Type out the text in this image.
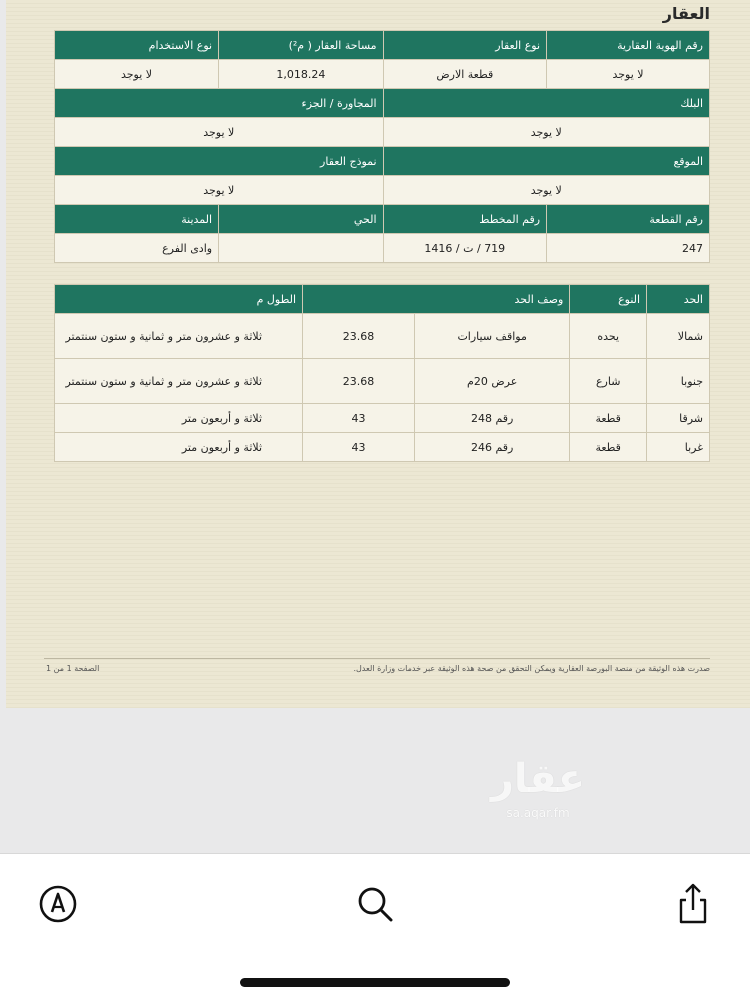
العقار
رقم الهوية العقارية	نوع العقار	مساحة العقار ( م²)	نوع الاستخدام
لا يوجد	قطعة الارض	1,018.24	لا يوجد
البلك		المجاورة / الجزء	
لا يوجد		لا يوجد	
الموقع		نموذج العقار	
لا يوجد		لا يوجد	
رقم القطعة	رقم المخطط	الحي	المدينة
247	719 / ت / 1416		وادى الفرع
الحد	النوع	وصف الحد		الطول م
شمالا	يحده	مواقف سيارات	23.68	ثلاثة و عشرون متر و ثمانية و ستون سنتمتر
جنوبا	شارع	عرض 20م	23.68	ثلاثة و عشرون متر و ثمانية و ستون سنتمتر
شرقا	قطعة	رقم 248	43	ثلاثة و أربعون متر
غربا	قطعة	رقم 246	43	ثلاثة و أربعون متر
صدرت هذه الوثيقة من منصة البورصة العقارية ويمكن التحقق من صحة هذه الوثيقة عبر خدمات وزارة العدل.
الصفحة 1 من 1
عقار
sa.aqar.fm
